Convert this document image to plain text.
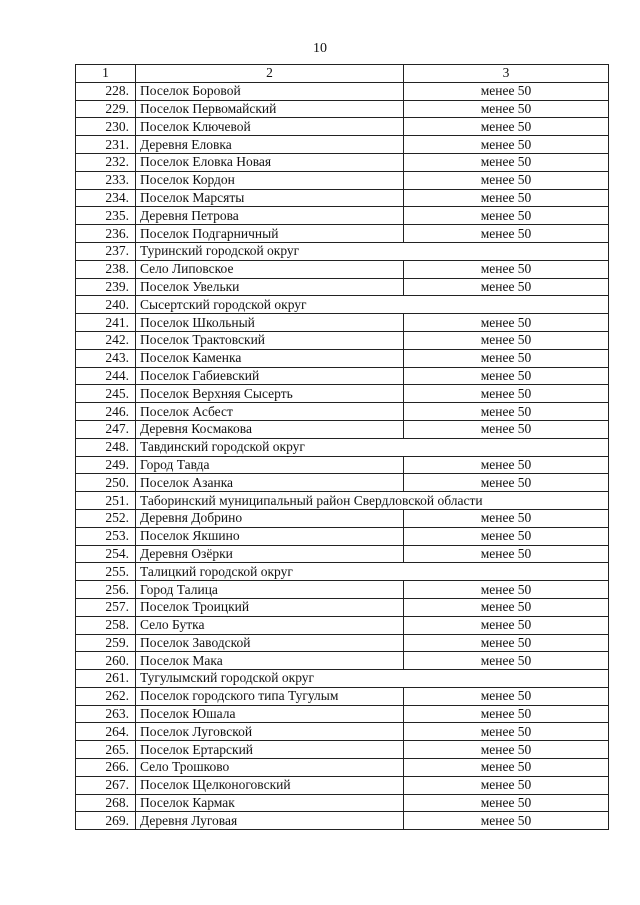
10
1	2	3
228.	Поселок Боровой	менее 50
229.	Поселок Первомайский	менее 50
230.	Поселок Ключевой	менее 50
231.	Деревня Еловка	менее 50
232.	Поселок Еловка Новая	менее 50
233.	Поселок Кордон	менее 50
234.	Поселок Марсяты	менее 50
235.	Деревня Петрова	менее 50
236.	Поселок Подгарничный	менее 50
237.	Туринский городской округ	
238.	Село Липовское	менее 50
239.	Поселок Увельки	менее 50
240.	Сысертский городской округ	
241.	Поселок Школьный	менее 50
242.	Поселок Трактовский	менее 50
243.	Поселок Каменка	менее 50
244.	Поселок Габиевский	менее 50
245.	Поселок Верхняя Сысерть	менее 50
246.	Поселок Асбест	менее 50
247.	Деревня Космакова	менее 50
248.	Тавдинский городской округ	
249.	Город Тавда	менее 50
250.	Поселок Азанка	менее 50
251.	Таборинский муниципальный район Свердловской области	
252.	Деревня Добрино	менее 50
253.	Поселок Якшино	менее 50
254.	Деревня Озёрки	менее 50
255.	Талицкий городской округ	
256.	Город Талица	менее 50
257.	Поселок Троицкий	менее 50
258.	Село Бутка	менее 50
259.	Поселок Заводской	менее 50
260.	Поселок Мака	менее 50
261.	Тугулымский городской округ	
262.	Поселок городского типа Тугулым	менее 50
263.	Поселок Юшала	менее 50
264.	Поселок Луговской	менее 50
265.	Поселок Ертарский	менее 50
266.	Село Трошково	менее 50
267.	Поселок Щелконоговский	менее 50
268.	Поселок Кармак	менее 50
269.	Деревня Луговая	менее 50
